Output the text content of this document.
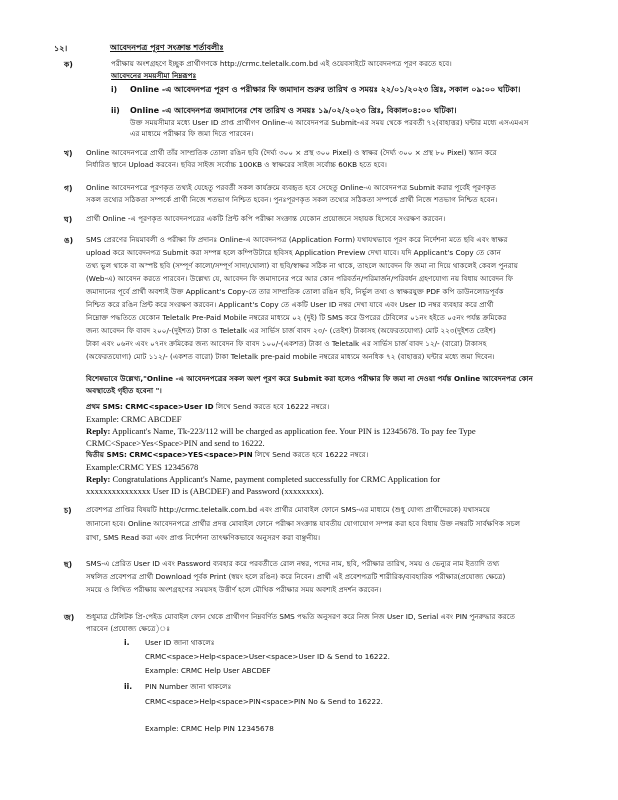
১২।	আবেদনপত্র পূরণ সংক্রান্ত শর্তাবলীঃ
ক)	পরীক্ষায় অংশগ্রহণে ইচ্ছুক প্রার্থীগণকে http://crmc.teletalk.com.bd এই ওয়েবসাইটে আবেদনপত্র পূরণ করতে হবে।
আবেদনের সময়সীমা নিম্নরূপঃ
i) Online -এ আবেদনপত্র পূরণ ও পরীক্ষার ফি জমাদান শুরুর তারিখ ও সময়ঃ ২২/০১/২০২৩ খ্রিঃ, সকাল ০৯:০০ ঘটিকা।
ii) Online -এ আবেদনপত্র জমাদানের শেষ তারিখ ও সময়ঃ ১৯/০২/২০২৩ খ্রিঃ, বিকাল০৪:০০ ঘটিকা।
উক্ত সময়সীমার মধ্যে User ID প্রাপ্ত প্রার্থীগণ Online-এ আবেদনপত্র Submit-এর সময় থেকে পরবর্তী ৭২(বাহাত্তর) ঘন্টার মধ্যে এসএমএস
এর মাধ্যমে পরীক্ষার ফি জমা দিতে পারবেন।
খ) Online আবেদনপত্রে প্রার্থী তাঁর সাম্প্রতিক তোলা রঙিন ছবি (দৈর্ঘ্য ৩০০ × প্রস্থ ৩০০ Pixel) ও স্বাক্ষর (দৈর্ঘ্য ৩০০ × প্রস্থ ৮০ Pixel) স্ক্যান করে
নির্ধারিত স্থানে Upload করবেন। ছবির সাইজ সর্বোচ্চ 100KB ও স্বাক্ষরের সাইজ সর্বোচ্চ 60KB হতে হবে।
গ) Online আবেদনপত্রে পূরণকৃত তথ্যই যেহেতু পরবর্তী সকল কার্যক্রমে ব্যবহৃত হবে সেহেতু Online-এ আবেদনপত্র Submit করার পূর্বেই পূরণকৃত
সকল তথ্যের সঠিকতা সম্পর্কে প্রার্থী নিজে শতভাগ নিশ্চিত হবেন। পুনঃপূরণকৃত সকল তথ্যের সঠিকতা সম্পর্কে প্রার্থী নিজে শতভাগ নিশ্চিত হবেন।
ঘ) প্রার্থী Online -এ পূরণকৃত আবেদনপত্রের একটি প্রিন্ট কপি পরীক্ষা সংক্রান্ত যেকোন প্রয়োজনে সহায়ক হিসেবে সংরক্ষণ করবেন।
ঙ) SMS প্রেরণের নিয়মাবলী ও পরীক্ষা ফি প্রদানঃ Online-এ আবেদনপত্র (Application Form) যথাযথভাবে পূরণ করে নির্দেশনা মতে ছবি এবং স্বাক্ষর
upload করে আবেদনপত্র Submit করা সম্পন্ন হলে কম্পিউটারে ছবিসহ Application Preview দেখা যাবে। যদি Applicant's Copy তে কোন
তথ্য ভুল থাকে বা অস্পষ্ট ছবি (সম্পূর্ণ কালো/সম্পূর্ণ সাদা/ঘোলা) বা ছবি/স্বাক্ষর সঠিক না থাকে, তাহলে আবেদন ফি জমা না দিয়ে থাকলেই কেবল পুনরায়
(Web-এ) আবেদন করতে পারবেন। উল্লেখ্য যে, আবেদন ফি জমাদানের পরে আর কোন পরিবর্তন/পরিমার্জন/পরিবর্ধন গ্রহণযোগ্য নয় বিধায় আবেদন ফি
জমাদানের পূর্বে প্রার্থী অবশ্যই উক্ত Applicant's Copy-তে তার সাম্প্রতিক তোলা রঙিন ছবি, নির্ভুল তথ্য ও স্বাক্ষরযুক্ত PDF কপি ডাউনলোডপূর্বক
নিশ্চিত করে রঙিন প্রিন্ট করে সংরক্ষণ করবেন। Applicant's Copy তে একটি User ID নম্বর দেখা যাবে এবং User ID নম্বর ব্যবহার করে প্রার্থী
নিম্নোক্ত পদ্ধতিতে যেকোন Teletalk Pre-Paid Mobile নম্বরের মাধ্যমে ০২ (দুই) টি SMS করে উপরের টেবিলের ০১নং হইতে ০৫নং পর্যন্ত ক্রমিকের
জন্য আবেদন ফি বাবদ ২০০/-(দুইশত) টাকা ও Teletalk এর সার্ভিস চার্জ বাবদ ২৩/- (তেইশ) টাকাসহ (অফেরতযোগ্য) মোট ২২৩(দুইশত তেইশ)
টাকা এবং ০৬নং এবং ০৭নং ক্রমিকের জন্য আবেদন ফি বাবদ ১০০/-(একশত) টাকা ও Teletalk এর সার্ভিস চার্জ বাবদ ১২/- (বারো) টাকাসহ
(অফেরতযোগ্য) মোট ১১২/- (একশত বারো) টাকা Teletalk pre-paid mobile নম্বরের মাধ্যমে অনধিক ৭২ (বাহাত্তর) ঘন্টার মধ্যে জমা দিবেন।
বিশেষভাবে উল্লেখ্য,"Online -এ আবেদনপত্রের সকল অংশ পূরণ করে Submit করা হলেও পরীক্ষার ফি জমা না দেওয়া পর্যন্ত Online আবেদনপত্র কোন
অবস্থাতেই গৃহীত হবেনা "।
প্রথম SMS: CRMC<space>User ID লিখে Send করতে হবে 16222 নম্বরে।
Example: CRMC ABCDEF
Reply: Applicant's Name, Tk-223/112 will be charged as application fee. Your PIN is 12345678. To pay fee Type
CRMC<Space>Yes<Space>PIN and send to 16222.
দ্বিতীয় SMS: CRMC<space>YES<space>PIN লিখে Send করতে হবে 16222 নম্বরে।
Example:CRMC YES 12345678
Reply: Congratulations Applicant's Name, payment completed successfully for CRMC Application for
xxxxxxxxxxxxxxx User ID is (ABCDEF) and Password (xxxxxxxx).
চ) প্রবেশপত্র প্রাপ্তির বিষয়টি http://crmc.teletalk.com.bd এবং প্রার্থীর মোবাইল ফোনে SMS-এর মাধ্যমে (শুধু যোগ্য প্রার্থীদেরকে) যথাসময়ে
জানানো হবে। Online আবেদনপত্রে প্রার্থীর প্রদত্ত মোবাইল ফোনে পরীক্ষা সংক্রান্ত যাবতীয় যোগাযোগ সম্পন্ন করা হবে বিধায় উক্ত নম্বরটি সার্বক্ষণিক সচল
রাখা, SMS Read করা এবং প্রাপ্ত নির্দেশনা তাৎক্ষণিকভাবে অনুসরণ করা বাঞ্ছনীয়।
ছ) SMS-এ প্রেরিত User ID এবং Password ব্যবহার করে পরবর্তীতে রোল নম্বর, পদের নাম, ছবি, পরীক্ষার তারিখ, সময় ও ভেন্যুর নাম ইত্যাদি তথ্য
সম্বলিত প্রবেশপত্র প্রার্থী Download পূর্বক Print (স্বয়ং হলে রঙিন) করে নিবেন। প্রার্থী এই প্রবেশপত্রটি শারীরিক/ব্যবহারিক পরীক্ষার(প্রযোজ্য ক্ষেত্রে)
সময়ে ও লিখিত পরীক্ষায় অংশগ্রহণের সময়সহ উত্তীর্ণ হলে মৌখিক পরীক্ষার সময় অবশ্যই প্রদর্শন করবেন।
জ) শুধুমাত্র টেলিটক প্রি-পেইড মোবাইল ফোন থেকে প্রার্থীগণ নিম্নবর্ণিত SMS পদ্ধতি অনুসরণ করে নিজ নিজ User ID, Serial এবং PIN পুনরুদ্ধার করতে
পারবেন (প্রযোজ্য ক্ষেত্রে)ঃ
i. User ID জানা থাকলেঃ
CRMC<space>Help<space>User<space>User ID & Send to 16222.
Example: CRMC Help User ABCDEF
ii. PIN Number জানা থাকলেঃ
CRMC<space>Help<space>PIN<space>PIN No & Send to 16222.
Example: CRMC Help PIN 12345678
